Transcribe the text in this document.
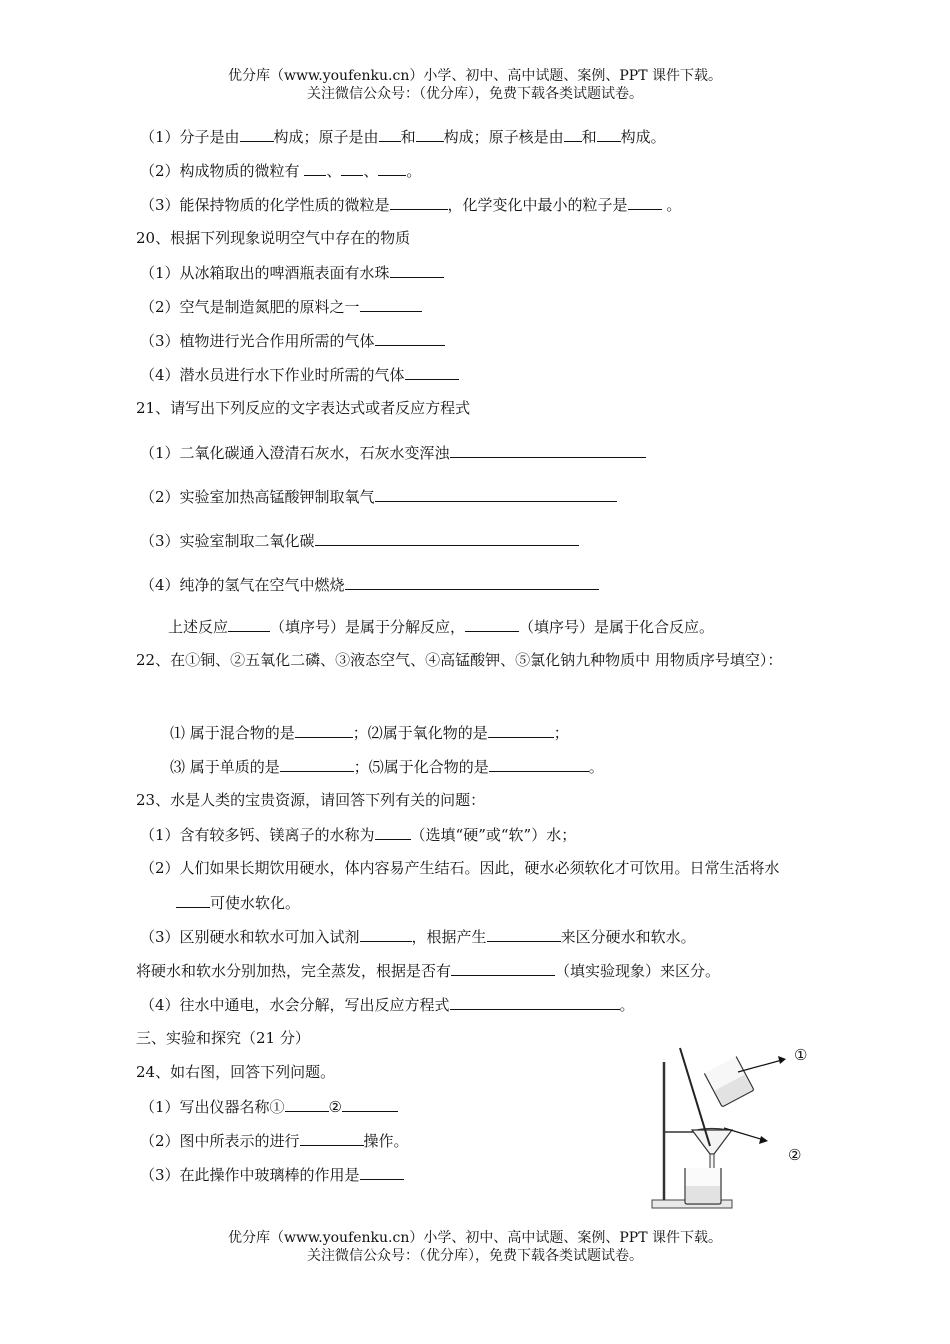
优分库（www.youfenku.cn）小学、初中、高中试题、案例、PPT 课件下载。
关注微信公众号：（优分库），免费下载各类试题试卷。
（1）分子是由 构成；原子是由 和 构成；原子核是由 和 构成。
（2）构成物质的微粒有 、 、 。
（3）能保持物质的化学性质的微粒是	，化学变化中最小的粒子是 。
20、根据下列现象说明空气中存在的物质
（1）从冰箱取出的啤酒瓶表面有水珠
（2）空气是制造氮肥的原料之一
（3）植物进行光合作用所需的气体
（4）潜水员进行水下作业时所需的气体
21、请写出下列反应的文字表达式或者反应方程式
（1）二氧化碳通入澄清石灰水，石灰水变浑浊
（2）实验室加热高锰酸钾制取氧气
（3）实验室制取二氧化碳
（4）纯净的氢气在空气中燃烧
上述反应	（填序号）是属于分解反应，	（填序号）是属于化合反应。
22、在①铜、②五氧化二磷、③液态空气、④高锰酸钾、⑤氯化钠九种物质中 用物质序号填空）：
⑴ 属于混合物的是	；⑵属于氧化物的是	；
⑶ 属于单质的是	；⑸属于化合物的是	。
23、水是人类的宝贵资源，请回答下列有关的问题：
（1）含有较多钙、镁离子的水称为 （选填“硬”或“软”）水；
（2）人们如果长期饮用硬水，体内容易产生结石。因此，硬水必须软化才可饮用。日常生活将水
可使水软化。
（3）区别硬水和软水可加入试剂	，根据产生	来区分硬水和软水。
将硬水和软水分别加热，完全蒸发，根据是否有	（填实验现象）来区分。
（4）往水中通电，水会分解，写出反应方程式	。
三、实验和探究（21 分）
24、如右图，回答下列问题。
（1）写出仪器名称①	②
（2）图中所表示的进行	操作。
（3）在此操作中玻璃棒的作用是
①
②
优分库（www.youfenku.cn）小学、初中、高中试题、案例、PPT 课件下载。
关注微信公众号：（优分库），免费下载各类试题试卷。
